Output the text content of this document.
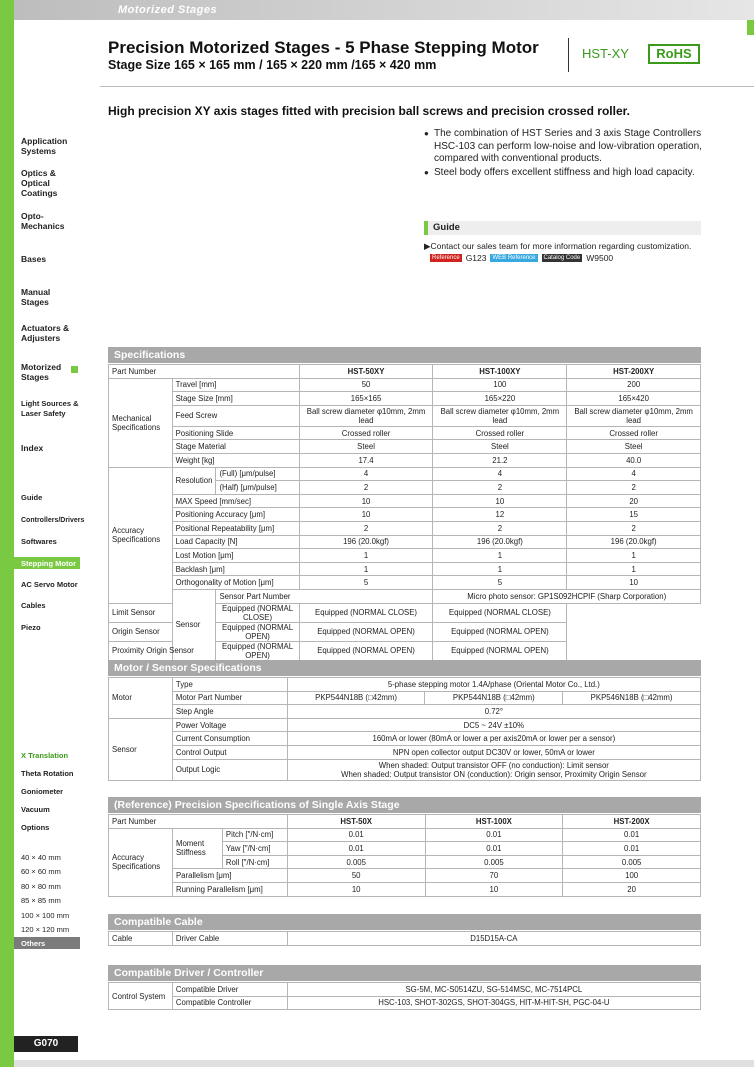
Motorized Stages
Precision Motorized Stages - 5 Phase Stepping Motor
Stage Size 165 × 165 mm / 165 × 220 mm /165 × 420 mm
HST-XY	RoHS
High precision XY axis stages fitted with precision ball screws and precision crossed roller.
● The combination of HST Series and 3 axis Stage Controllers HSC-103 can perform low-noise and low-vibration operation, compared with conventional products.
● Steel body offers excellent stiffness and high load capacity.
Guide
▶Contact our sales team for more information regarding customization.
Reference G123	WEB Reference	Catalog Code W9500
Application Systems
Optics & Optical Coatings
Opto-Mechanics
Bases
Manual Stages
Actuators & Adjusters
Motorized Stages
Light Sources & Laser Safety
Index
Guide
Controllers/Drivers
Softwares
Stepping Motor
AC Servo Motor
Cables
Piezo
X Translation
Theta Rotation
Goniometer
Vacuum
Options
40 × 40 mm
60 × 60 mm
80 × 80 mm
85 × 85 mm
100 × 100 mm
120 × 120 mm
Others
G070
Specifications
Part Number			HST-50XY	HST-100XY	HST-200XY
Mechanical Specifications	Travel [mm]		50	100	200
	Stage Size [mm]		165×165	165×220	165×420
	Feed Screw		Ball screw diameter φ10mm, 2mm lead	Ball screw diameter φ10mm, 2mm lead	Ball screw diameter φ10mm, 2mm lead
	Positioning Slide		Crossed roller	Crossed roller	Crossed roller
	Stage Material		Steel	Steel	Steel
	Weight [kg]		17.4	21.2	40.0
Accuracy Specifications	Resolution	(Full) [μm/pulse]	4	4	4
		(Half) [μm/pulse]	2	2	2
	MAX Speed [mm/sec]		10	10	20
	Positioning Accuracy [μm]		10	12	15
	Positional Repeatability [μm]		2	2	2
	Load Capacity [N]		196 (20.0kgf)	196 (20.0kgf)	196 (20.0kgf)
	Lost Motion [μm]		1	1	1
	Backlash [μm]		1	1	1
	Orthogonality of Motion [μm]		5	5	10
	Sensor	Sensor Part Number		Micro photo sensor: GP1S092HCPIF (Sharp Corporation)	
Limit Sensor		Equipped (NORMAL CLOSE)	Equipped (NORMAL CLOSE)	Equipped (NORMAL CLOSE)	
Origin Sensor		Equipped (NORMAL OPEN)	Equipped (NORMAL OPEN)	Equipped (NORMAL OPEN)	
Proximity Origin Sensor		Equipped (NORMAL OPEN)	Equipped (NORMAL OPEN)	Equipped (NORMAL OPEN)	
Motor / Sensor Specifications
Motor	Type	5-phase stepping motor 1.4A/phase (Oriental Motor Co., Ltd.)		
	Motor Part Number	PKP544N18B (□42mm)	PKP544N18B (□42mm)	PKP546N18B (□42mm)
	Step Angle	0.72°		
Sensor	Power Voltage	DC5 ~ 24V ±10%		
	Current Consumption	160mA or lower (80mA or lower a per axis20mA or lower per a sensor)		
	Control Output	NPN open collector output DC30V or lower, 50mA or lower		
	Output Logic	When shaded: Output transistor OFF (no conduction): Limit sensor
When shaded: Output transistor ON (conduction): Origin sensor, Proximity Origin Sensor		
(Reference) Precision Specifications of Single Axis Stage
Part Number			HST-50X	HST-100X	HST-200X
Accuracy Specifications	Moment Stiffness	Pitch [″/N·cm]	0.01	0.01	0.01
		Yaw [″/N·cm]	0.01	0.01	0.01
		Roll [″/N·cm]	0.005	0.005	0.005
	Parallelism [μm]		50	70	100
	Running Parallelism [μm]		10	10	20
Compatible Cable
Cable	Driver Cable	D15D15A-CA
Compatible Driver / Controller
Control System	Compatible Driver	SG-5M, MC-S0514ZU, SG-514MSC, MC-7514PCL
	Compatible Controller	HSC-103, SHOT-302GS, SHOT-304GS, HIT-M-HIT-SH, PGC-04-U
